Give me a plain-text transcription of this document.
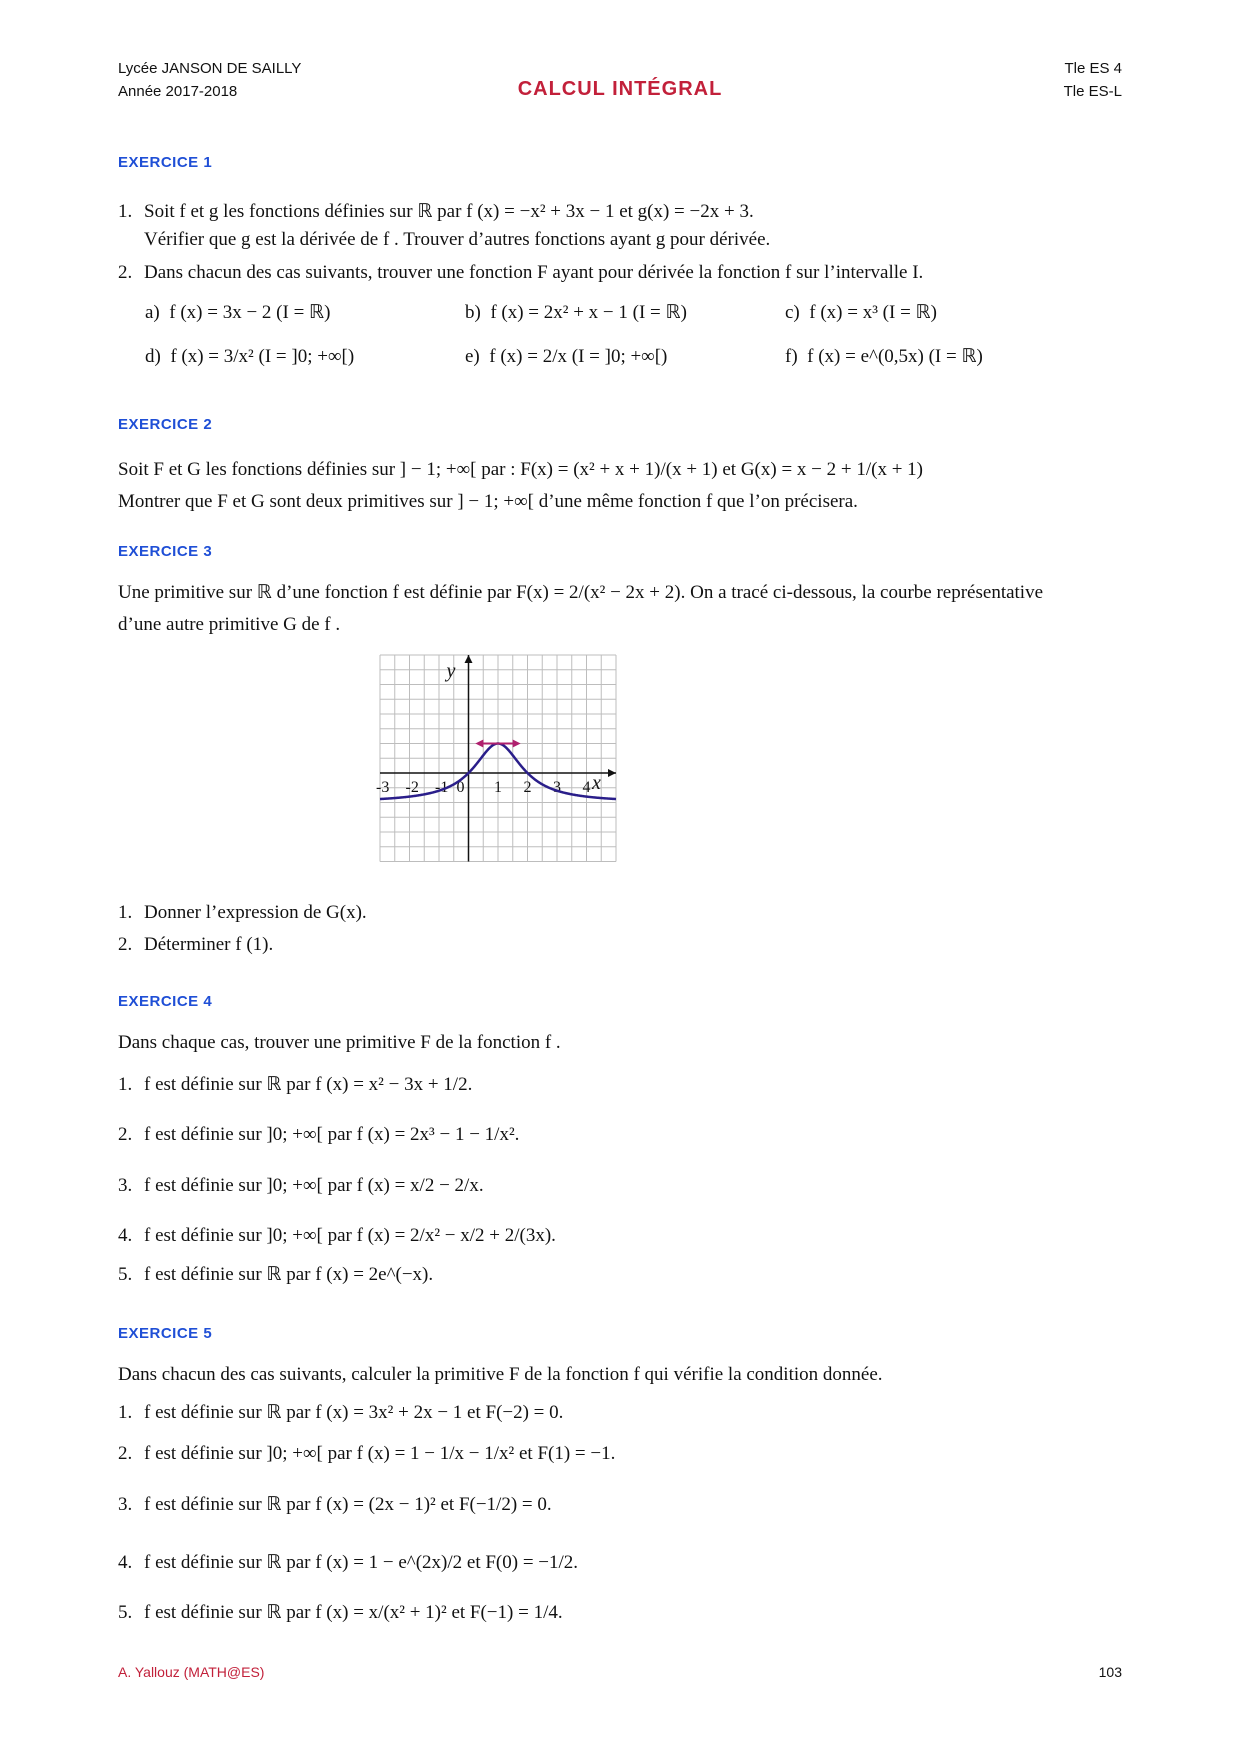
Lycée JANSON DE SAILLY
Année 2017-2018	CALCUL INTÉGRAL
Tle ES 4
Tle ES-L
EXERCICE 1
1. Soit f et g les fonctions définies sur ℝ par f (x) = −x² + 3x − 1 et g(x) = −2x + 3.
Vérifier que g est la dérivée de f . Trouver d’autres fonctions ayant g pour dérivée.
2. Dans chacun des cas suivants, trouver une fonction F ayant pour dérivée la fonction f sur l’intervalle I.
a)  f (x) = 3x − 2 (I = ℝ)	b)  f (x) = 2x² + x − 1 (I = ℝ)	c)  f (x) = x³ (I = ℝ)
d)  f (x) = 3/x² (I = ]0; +∞[)	e)  f (x) = 2/x (I = ]0; +∞[)	f)  f (x) = e^(0,5x) (I = ℝ)
EXERCICE 2
Soit F et G les fonctions définies sur ] − 1; +∞[ par : F(x) = (x² + x + 1)/(x + 1) et G(x) = x − 2 + 1/(x + 1)
Montrer que F et G sont deux primitives sur ] − 1; +∞[ d’une même fonction f que l’on précisera.
EXERCICE 3
Une primitive sur ℝ d’une fonction f est définie par F(x) = 2/(x² − 2x + 2). On a tracé ci-dessous, la courbe représentative
d’une autre primitive G de f .
-3 -2 -1 0 1 2 3 4 x
y
1. Donner l’expression de G(x).
2. Déterminer f (1).
EXERCICE 4
Dans chaque cas, trouver une primitive F de la fonction f .
1. f est définie sur ℝ par f (x) = x² − 3x + 1/2.
2. f est définie sur ]0; +∞[ par f (x) = 2x³ − 1 − 1/x².
3. f est définie sur ]0; +∞[ par f (x) = x/2 − 2/x.
4. f est définie sur ]0; +∞[ par f (x) = 2/x² − x/2 + 2/(3x).
5. f est définie sur ℝ par f (x) = 2e^(−x).
EXERCICE 5
Dans chacun des cas suivants, calculer la primitive F de la fonction f qui vérifie la condition donnée.
1. f est définie sur ℝ par f (x) = 3x² + 2x − 1 et F(−2) = 0.
2. f est définie sur ]0; +∞[ par f (x) = 1 − 1/x − 1/x² et F(1) = −1.
3. f est définie sur ℝ par f (x) = (2x − 1)² et F(−1/2) = 0.
4. f est définie sur ℝ par f (x) = 1 − e^(2x)/2 et F(0) = −1/2.
5. f est définie sur ℝ par f (x) = x/(x² + 1)² et F(−1) = 1/4.
A. Yallouz (MATH@ES)	103
